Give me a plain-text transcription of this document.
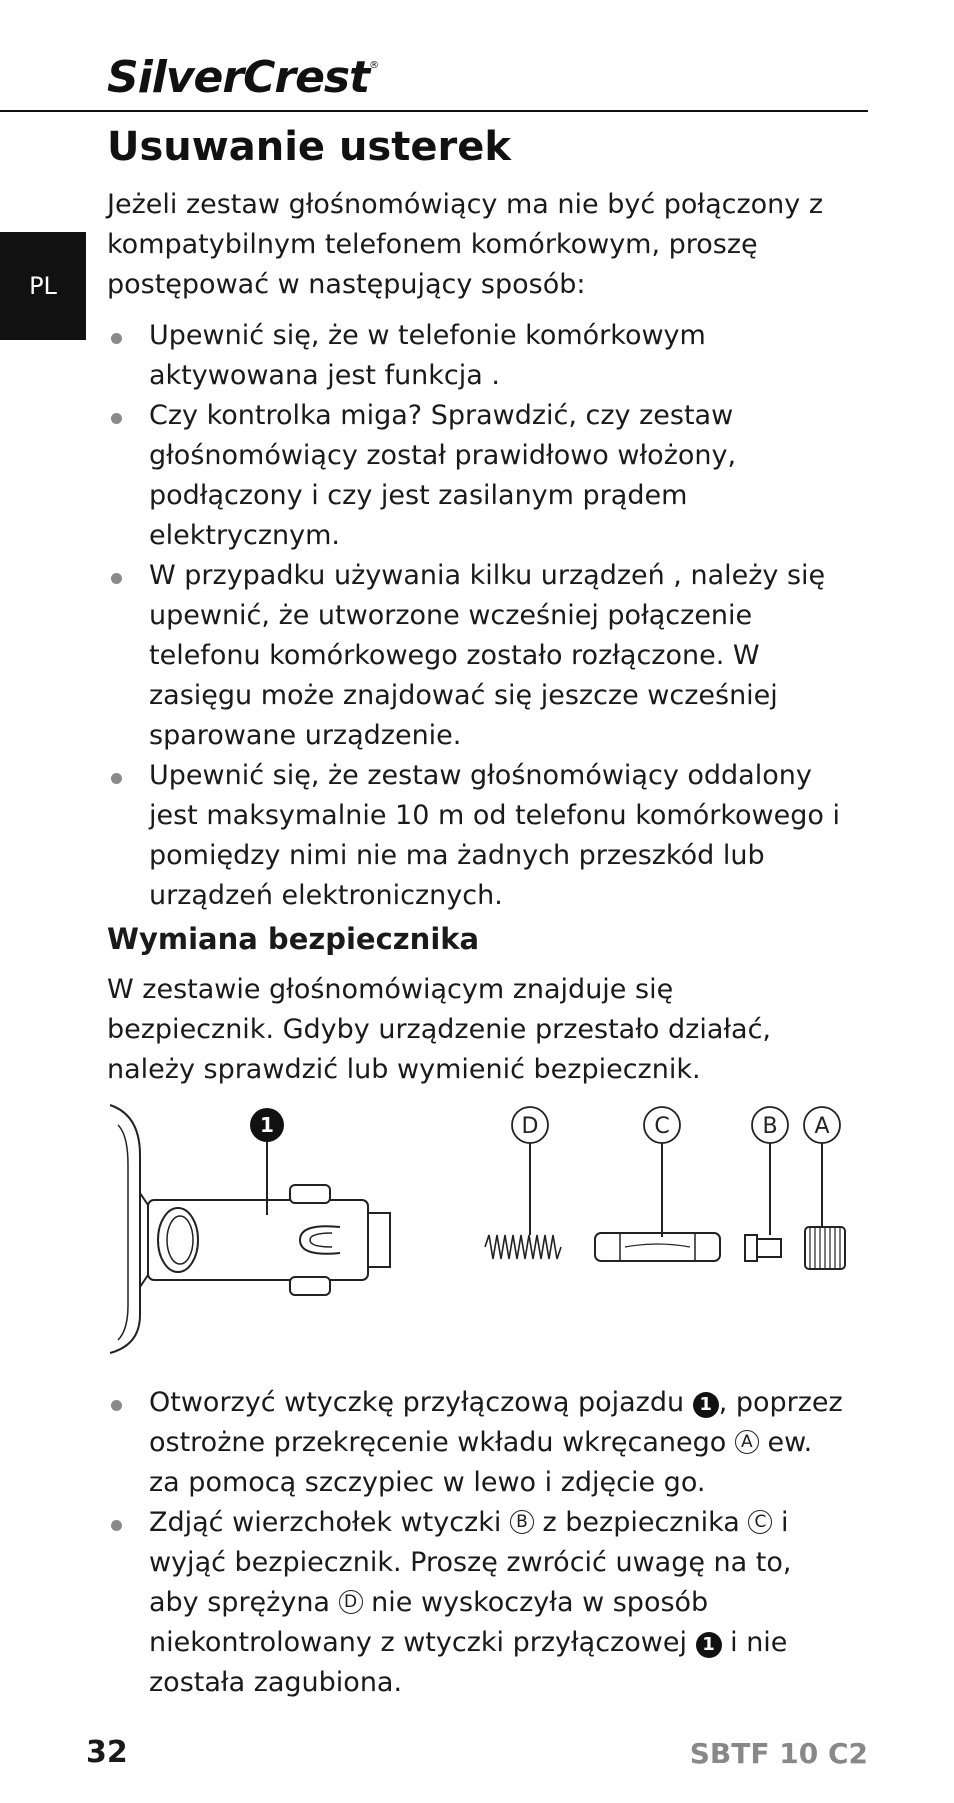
SilverCrest®
PL
Usuwanie usterek
Jeżeli zestaw głośnomówiący ma nie być połączony z kompatybilnym telefonem komórkowym, proszę postępować w następujący sposób:
Upewnić się, że w telefonie komórkowym aktywowana jest funkcja .
Czy kontrolka miga? Sprawdzić, czy zestaw głośnomówiący został prawidłowo włożony, podłączony i czy jest zasilanym prądem elektrycznym.
W przypadku używania kilku urządzeń , należy się upewnić, że utworzone wcześniej połączenie telefonu komórkowego zostało rozłączone. W zasięgu może znajdować się jeszcze wcześniej sparowane urządzenie.
Upewnić się, że zestaw głośnomówiący oddalony jest maksymalnie 10 m od telefonu komórkowego i pomiędzy nimi nie ma żadnych przeszkód lub urządzeń elektronicznych.
Wymiana bezpiecznika
W zestawie głośnomówiącym znajduje się bezpiecznik. Gdyby urządzenie przestało działać, należy sprawdzić lub wymienić bezpiecznik.
1	D	C	B A
Otworzyć wtyczkę przyłączową pojazdu 1 , poprzez ostrożne przekręcenie wkładu wkręcanego A ew. za pomocą szczypiec w lewo i zdjęcie go.
Zdjąć wierzchołek wtyczki B z bezpiecznika C i wyjąć bezpiecznik. Proszę zwrócić uwagę na to, aby sprężyna D nie wyskoczyła w sposób niekontrolowany z wtyczki przyłączowej 1 i nie została zagubiona.
32	SBTF 10 C2
